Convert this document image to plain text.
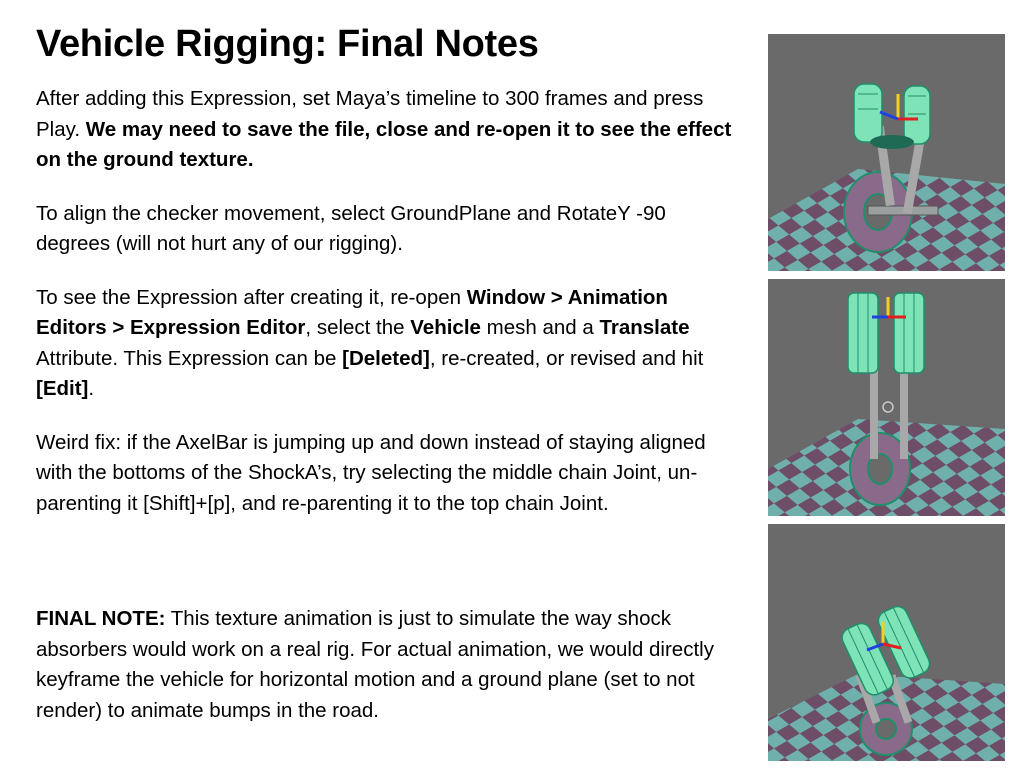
Vehicle Rigging: Final Notes

After adding this Expression, set Maya’s timeline to 300 frames and press Play. We may need to save the file, close and re-open it to see the effect on the ground texture.

To align the checker movement, select GroundPlane and RotateY -90 degrees (will not hurt any of our rigging).

To see the Expression after creating it, re-open Window > Animation Editors > Expression Editor, select the Vehicle mesh and a Translate Attribute. This Expression can be [Deleted], re-created, or revised and hit [Edit].

Weird fix: if the AxelBar is jumping up and down instead of staying aligned with the bottoms of the ShockA’s, try selecting the middle chain Joint, un-parenting it [Shift]+[p], and re-parenting it to the top chain Joint.

FINAL NOTE: This texture animation is just to simulate the way shock absorbers would work on a real rig. For actual animation, we would directly keyframe the vehicle for horizontal motion and a ground plane (set to not render) to animate bumps in the road.
